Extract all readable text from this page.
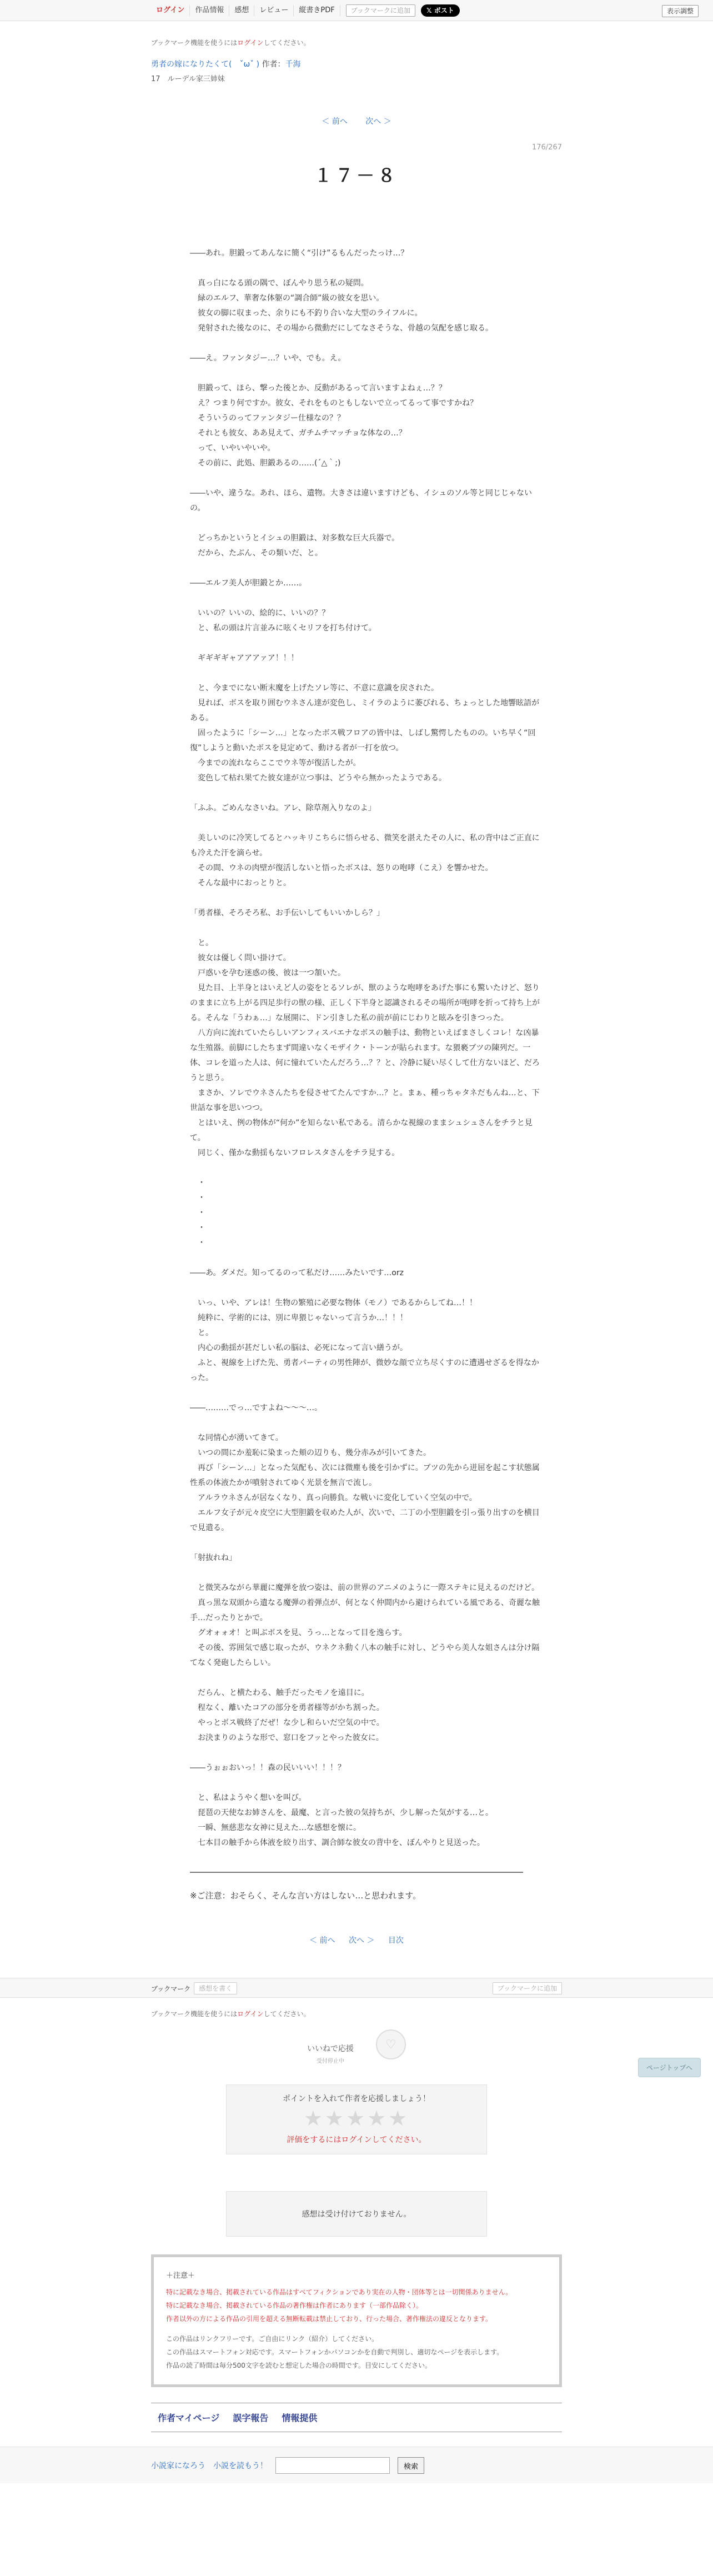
ログイン	作品情報	感想	レビュー	縦書きPDF	ブックマークに追加	𝕏 ポスト	表示調整

ブックマーク機能を使うにはログインしてください。

勇者の嫁になりたくて(　ˇωˇ ) 作者：千海

17　ルーデル家三姉妹

＜ 前へ 次へ ＞

176/267

１７－８

――あれ。胆鍛ってあんなに簡く“引け”るもんだったっけ…？

　真っ白になる頭の隅で、ぼんやり思う私の疑問。

　緑のエルフ、華奢な体躯の“調合師”級の彼女を思い。

　彼女の脚に収まった、余りにも不釣り合いな大型のライフルに。

　発射された後なのに、その場から微動だにしてなさそうな、骨越の気配を感じ取る。

――え。ファンタジー…？いや、でも。え。

　胆鍛って、ほら、撃った後とか、反動があるって言いますよねぇ…？？

　え？つまり何ですか。彼女、それをものともしないで立ってるって事ですかね？

　そういうのってファンタジー仕様なの？？

　それとも彼女、ああ見えて、ガチムチマッチョな体なの…？

　って、いやいやいや。

　その前に、此処、胆鍛あるの……(´△｀;)

――いや、違うな。あれ、ほら、遺物。大きさは違いますけども、イシュのソル等と同じじゃないの。

　どっちかというとイシュの胆鍛は、対多数な巨大兵器で。

　だから、たぶん、その類いだ、と。

――エルフ美人が胆鍛とか……。

　いいの？いいの、絵的に、いいの？？

　と、私の頭は片言並みに呟くセリフを打ち付けて。

　ギギギギャアアアァア！！！

　と、今までにない断末魔を上げたソレ等に、不意に意識を戻された。

　見れば、ボスを取り囲むウネさん達が変色し、ミイラのように萎びれる、ちょっとした地響眩語がある。

　固ったように「シーン…」となったボス戦フロアの皆中は、しばし驚愕したものの。いち早く“回復”しようと動いたボスを見定めて、動ける者が一打を放つ。

　今までの流れならここでウネ等が復活したが。

　変色して枯れ果てた彼女達が立つ事は、どうやら無かったようである。

「ふふ。ごめんなさいね。アレ、除草剤入りなのよ」

　美しいのに冷笑してるとハッキリこちらに悟らせる、微笑を湛えたその人に、私の背中はご正直にも冷えた汗を滴らせ。

　その間、ウネの肉壁が復活しないと悟ったボスは、怒りの咆哮（こえ）を響かせた。

　そんな最中におっとりと。

「勇者様、そろそろ私、お手伝いしてもいいかしら？」

　と。

　彼女は優しく問い掛けて。

　戸惑いを孕む迷惑の後、彼は一つ頷いた。

　見た目、上半身とはいえど人の姿をとるソレが、獣のような咆哮をあげた事にも驚いたけど、怒りのままに立ち上がる四足歩行の獣の様、正しく下半身と認識されるその場所が咆哮を折って持ち上がる。そんな「うわぁ…」な展開に、ドン引きした私の前が前にじわりと眩みを引きつった。

　八方向に流れていたらしいアンフィスバエナなボスの触手は、動物といえばまさしくコレ！な凶暴な生殖器。前脚にしたちまず間違いなくモザイク・トーンが貼られます。な猥褻ブツの陳列だ。一体、コレを道った人は、何に憧れていたんだろう…？？と、冷静に疑い尽くして仕方ないほど、だろうと思う。

　まさか、ソレでウネさんたちを侵させてたんですか…？と。まぁ、種っちゃタネだもんね…と、下世話な事を思いつつ。

　とはいえ、例の物体が“何か”を知らない私である。清らかな視線のままシュシュさんをチラと見て。

　同じく、僅かな動揺もないフロレスタさんをチラ見する。

　・

　・

　・

　・

　・

――あ。ダメだ。知ってるのって私だけ……みたいです…orz

　いっ、いや、アレは！生物の繁殖に必要な物体（モノ）であるからしてね…！！

　純粋に、学術的には、別に卑猥じゃないって言うか…！！！

　と。

　内心の動揺が甚だしい私の脳は、必死になって言い繕うが。

　ふと、視線を上げた先、勇者パーティの男性陣が、微妙な顔で立ち尽くすのに遭遇せざるを得なかった。

――………でっ…ですよね～～～…。

　な同情心が湧いてきて。

　いつの間にか羞恥に染まった頬の辺りも、幾分赤みが引いてきた。

　再び「シーン…」となった気配も、次には微塵も後を引かずに。ブツの先から迸屈を起こす状態属性系の体液たかが噴射されてゆく光景を無言で流し。

　アルラウネさんが居なくなり、真っ向勝負。な戦いに変化していく空気の中で。

　エルフ女子が元々皮空に大型胆鍛を収めた人が、次いで、二丁の小型胆鍛を引っ張り出すのを横目で見遣る。

「射抜れね」

　と微笑みながら華麗に魔弾を放つ姿は、前の世界のアニメのように一際ステキに見えるのだけど。

　真っ黒な双頭から遺なる魔弾の着弾点が、何となく仲間内から避けられている風である、奇麗な触手…だったりとかで。

　グオォォオ！と叫ぶボスを見、うっ…となって目を逸らす。

　その後、雰囲気で感じ取ったが、ウネクネ動く八本の触手に対し、どうやら美人な姐さんは分け隔てなく発砲したらしい。

　だらん、と横たわる、触手だったモノを遠目に。

　程なく、離いたコアの部分を勇者様等がかち割った。

　やっとボス戦終了だぜ！な少し和らいだ空気の中で。

　お決まりのような形で、窓口をフッとやった彼女に。

――うぉぉおいっ！！森の民いいい！！！？

　と、私はようやく想いを叫び。

　琵琶の天使なお姉さんを、最魔、と言った彼の気持ちが、少し解った気がする…と。

　一瞬、無慈悲な女神に見えた…な感想を懐に。

　七本目の触手から体液を絞り出す、調合師な彼女の背中を、ぼんやりと見送った。

※ご注意：おそらく、そんな言い方はしない…と思われます。

＜ 前へ 次へ ＞ 目次
ページトップへ
ブックマーク	感想を書く	ブックマークに追加

ブックマーク機能を使うにはログインしてください。

いいねで応援
受付停止中
♡

ポイントを入れて作者を応援しましょう！

★★★★★

評価をするにはログインしてください。

感想は受け付けておりません。

＋注意＋

特に記載なき場合、掲載されている作品はすべてフィクションであり実在の人物・団体等とは一切関係ありません。

特に記載なき場合、掲載されている作品の著作権は作者にあります（一部作品除く）。

作者以外の方による作品の引用を超える無断転載は禁止しており、行った場合、著作権法の違反となります。

この作品はリンクフリーです。ご自由にリンク（紹介）してください。

この作品はスマートフォン対応です。スマートフォンかパソコンかを自動で判別し、適切なページを表示します。

作品の読了時間は毎分500文字を読むと想定した場合の時間です。目安にしてください。

作者マイページ 誤字報告 情報提供
小説家になろう 小説を読もう！	検索
